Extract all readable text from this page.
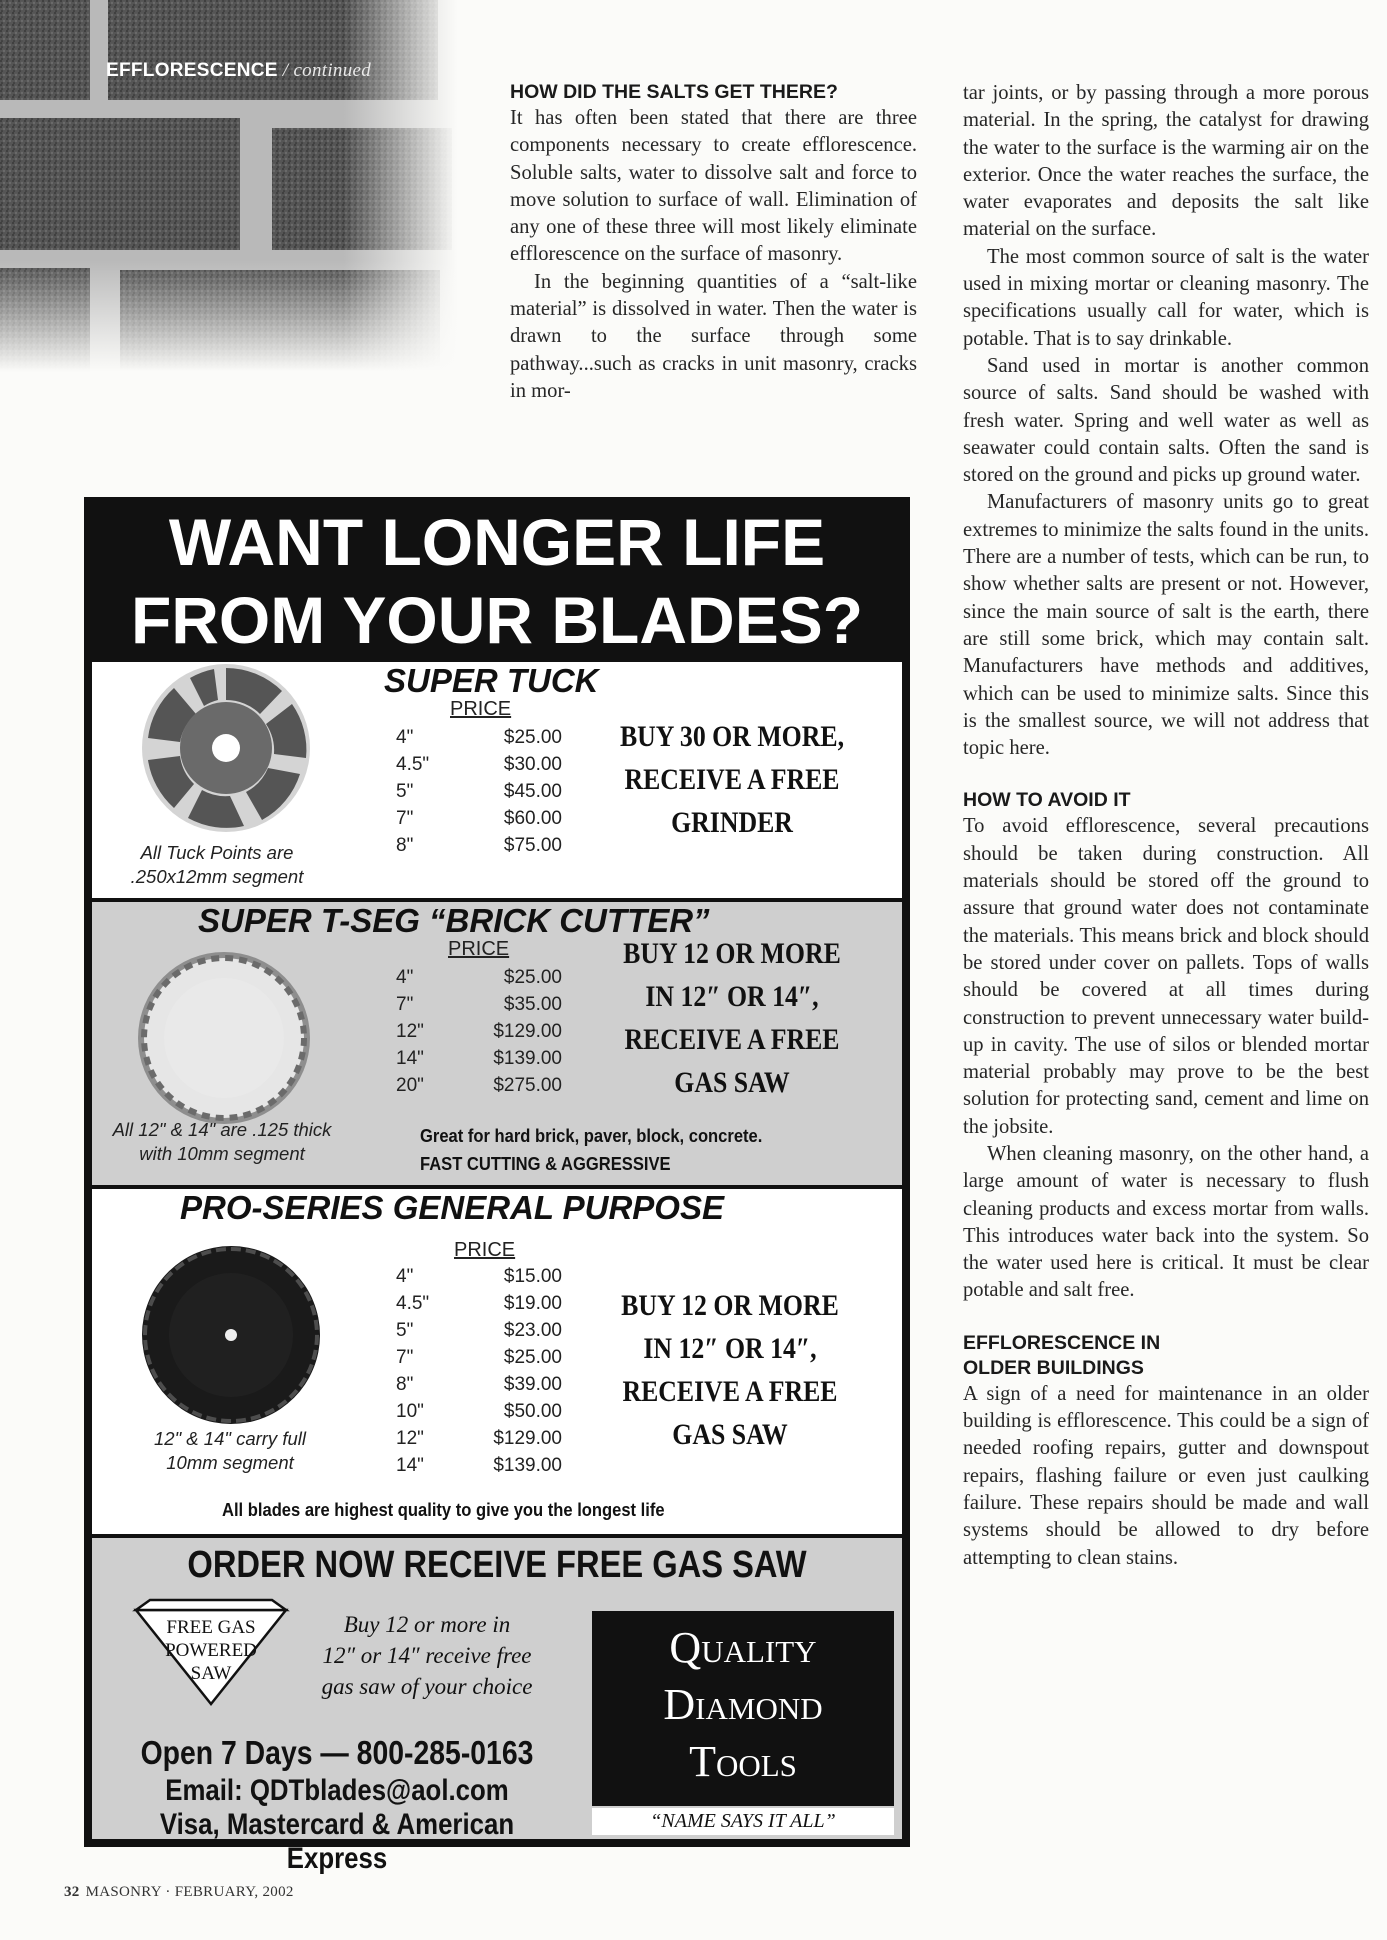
EFFLORESCENCE / continued
HOW DID THE SALTS GET THERE?

It has often been stated that there are three components necessary to create efflorescence. Soluble salts, water to dissolve salt and force to move solution to surface of wall. Elimination of any one of these three will most likely eliminate efflorescence on the surface of masonry.

In the beginning quantities of a “salt-like material” is dissolved in water. Then the water is drawn to the surface through some pathway...such as cracks in unit masonry, cracks in mor-

tar joints, or by passing through a more porous material. In the spring, the catalyst for drawing the water to the surface is the warming air on the exterior. Once the water reaches the surface, the water evaporates and deposits the salt like material on the surface.

The most common source of salt is the water used in mixing mortar or cleaning masonry. The specifications usually call for water, which is potable. That is to say drinkable.

Sand used in mortar is another common source of salts. Sand should be washed with fresh water. Spring and well water as well as seawater could contain salts. Often the sand is stored on the ground and picks up ground water.

Manufacturers of masonry units go to great extremes to minimize the salts found in the units. There are a number of tests, which can be run, to show whether salts are present or not. However, since the main source of salt is the earth, there are still some brick, which may contain salt. Manufacturers have methods and additives, which can be used to minimize salts. Since this is the smallest source, we will not address that topic here.

HOW TO AVOID IT

To avoid efflorescence, several precautions should be taken during construction. All materials should be stored off the ground to assure that ground water does not contaminate the materials. This means brick and block should be stored under cover on pallets. Tops of walls should be covered at all times during construction to prevent unnecessary water build-up in cavity. The use of silos or blended mortar material probably may prove to be the best solution for protecting sand, cement and lime on the jobsite.

When cleaning masonry, on the other hand, a large amount of water is necessary to flush cleaning products and excess mortar from walls. This introduces water back into the system. So the water used here is critical. It must be clear potable and salt free.

EFFLORESCENCE IN
OLDER BUILDINGS

A sign of a need for maintenance in an older building is efflorescence. This could be a sign of needed roofing repairs, gutter and downspout repairs, flashing failure or even just caulking failure. These repairs should be made and wall systems should be allowed to dry before attempting to clean stains.

WANT LONGER LIFE
FROM YOUR BLADES?
SUPER TUCK
PRICE
4"
4.5"
5"
7"
8"
$25.00
$30.00
$45.00
$60.00
$75.00
BUY 30 OR MORE,
RECEIVE A FREE
GRINDER
All Tuck Points are
.250x12mm segment
SUPER T-SEG “BRICK CUTTER”
PRICE
4"
7"
12"
14"
20"
$25.00
$35.00
$129.00
$139.00
$275.00
BUY 12 OR MORE
IN 12″ OR 14″,
RECEIVE A FREE
GAS SAW
All 12" & 14" are .125 thick
with 10mm segment
Great for hard brick, paver, block, concrete.
FAST CUTTING & AGGRESSIVE
PRO-SERIES GENERAL PURPOSE
PRICE
4"
4.5"
5"
7"
8"
10"
12"
14"
$15.00
$19.00
$23.00
$25.00
$39.00
$50.00
$129.00
$139.00
BUY 12 OR MORE
IN 12″ OR 14″,
RECEIVE A FREE
GAS SAW
12" & 14" carry full
10mm segment
All blades are highest quality to give you the longest life
ORDER NOW RECEIVE FREE GAS SAW
FREE GAS
POWERED
SAW
Buy 12 or more in
12″ or 14″ receive free
gas saw of your choice
Open 7 Days — 800-285-0163
Email: QDTblades@aol.com
Visa, Mastercard & American Express
Quality
Diamond
Tools
“NAME SAYS IT ALL”
32 MASONRY · FEBRUARY, 2002
